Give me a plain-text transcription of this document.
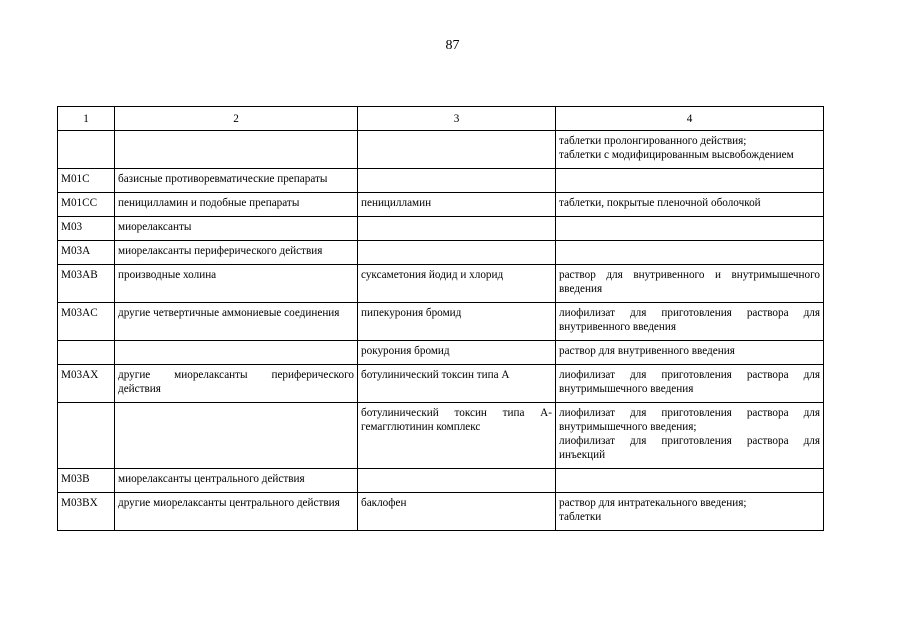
87
1	2	3	4
			таблетки пролонгированного действия;
таблетки с модифицированным высвобождением
M01C	базисные противоревматические препараты		
M01CC	пеницилламин и подобные препараты	пеницилламин	таблетки, покрытые пленочной оболочкой
M03	миорелаксанты		
M03A	миорелаксанты периферического действия		
M03AB	производные холина	суксаметония йодид и хлорид	раствор для внутривенного и внутримышечного введения
M03AC	другие четвертичные аммониевые соединения	пипекурония бромид	лиофилизат для приготовления раствора для внутривенного введения
		рокурония бромид	раствор для внутривенного введения
M03AX	другие миорелаксанты периферического действия	ботулинический токсин типа A	лиофилизат для приготовления раствора для внутримышечного введения
		ботулинический токсин типа A-гемагглютинин комплекс	лиофилизат для приготовления раствора для внутримышечного введения;
лиофилизат для приготовления раствора для инъекций
M03B	миорелаксанты центрального действия		
M03BX	другие миорелаксанты центрального действия	баклофен	раствор для интратекального введения;
таблетки
